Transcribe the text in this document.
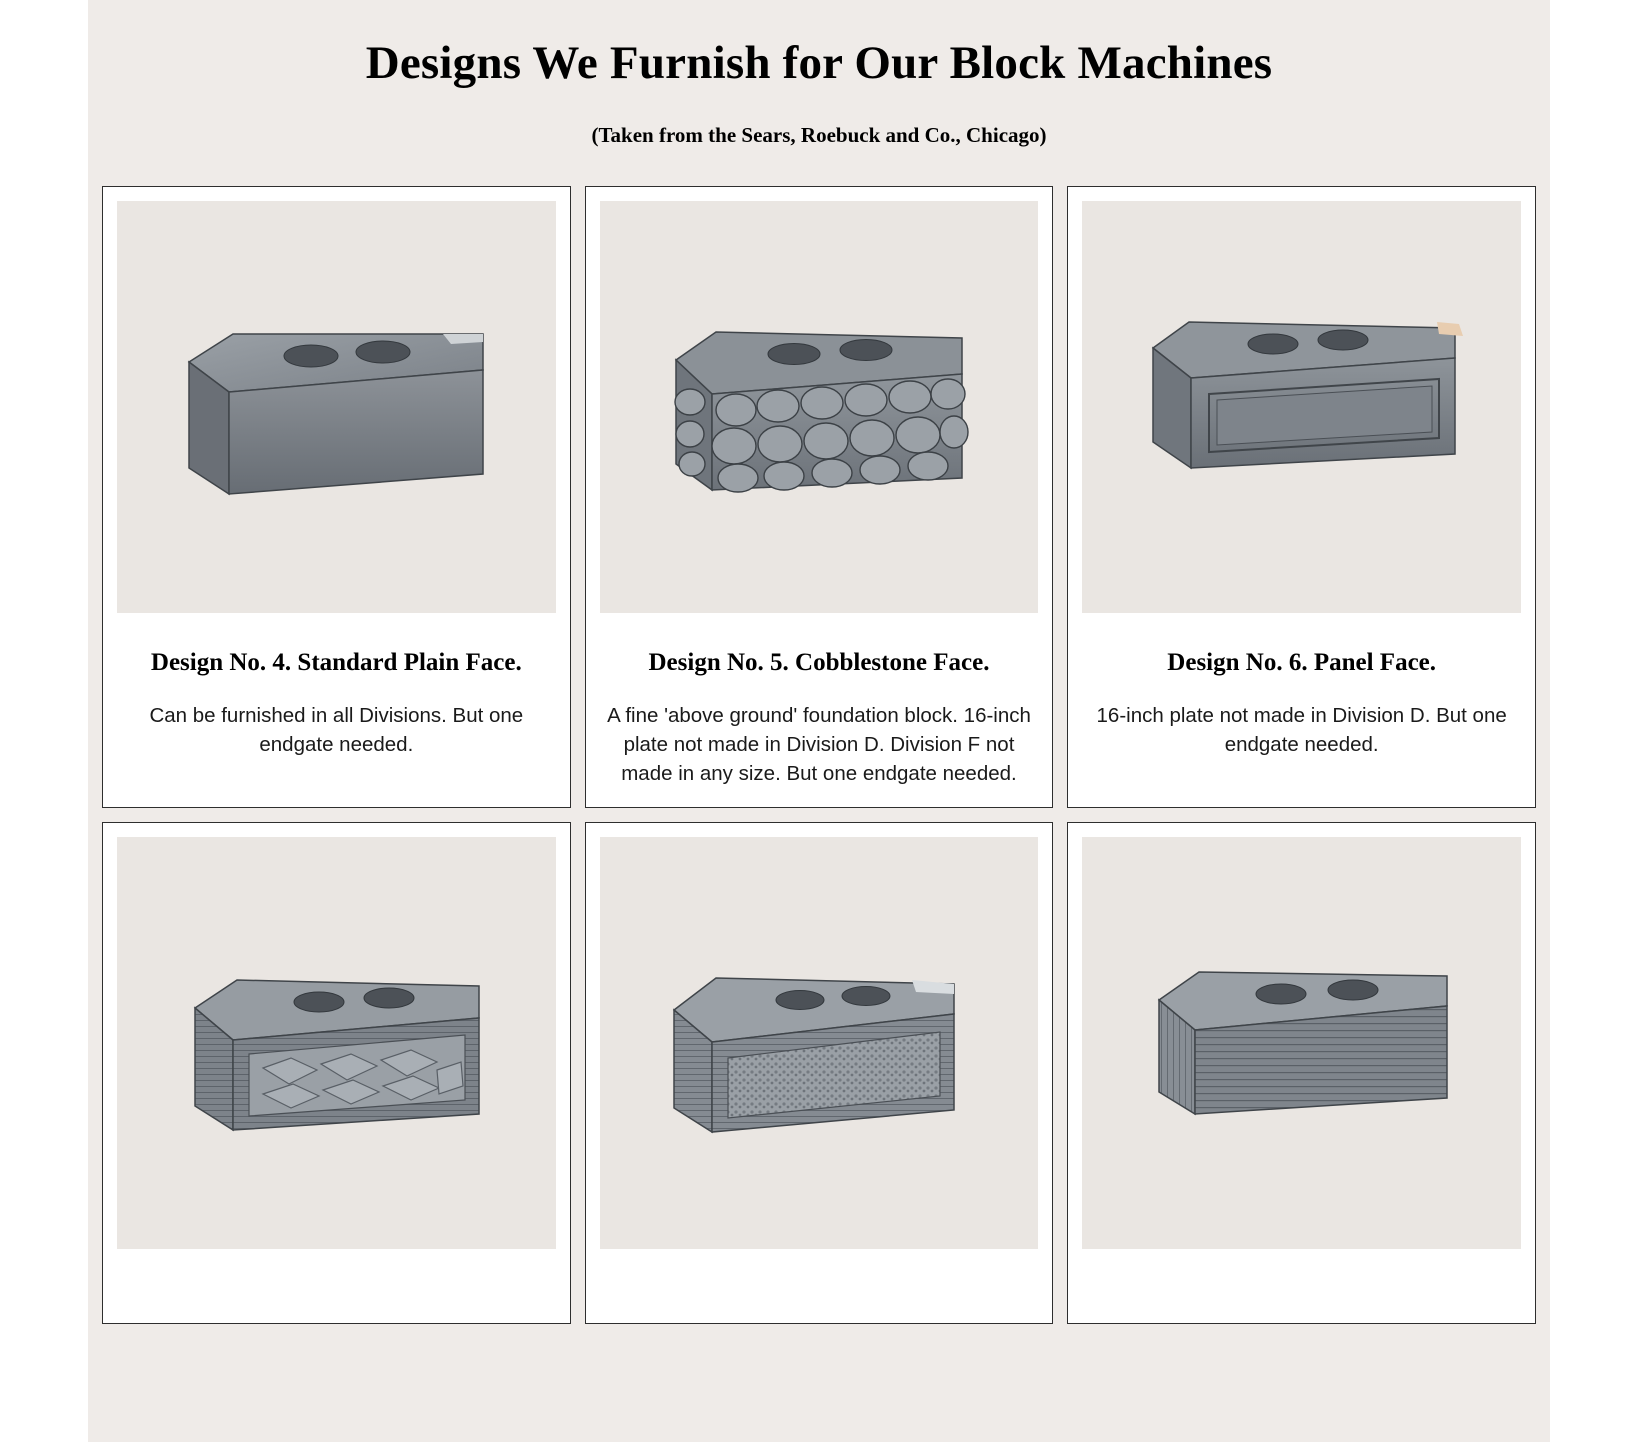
Designs We Furnish for Our Block Machines
(Taken from the Sears, Roebuck and Co., Chicago)
Design No. 4. Standard Plain Face.
Can be furnished in all Divisions. But one endgate needed.
Design No. 5. Cobblestone Face.
A fine 'above ground' foundation block. 16-inch plate not made in Division D. Division F not made in any size. But one endgate needed.
Design No. 6. Panel Face.
16-inch plate not made in Division D. But one endgate needed.
